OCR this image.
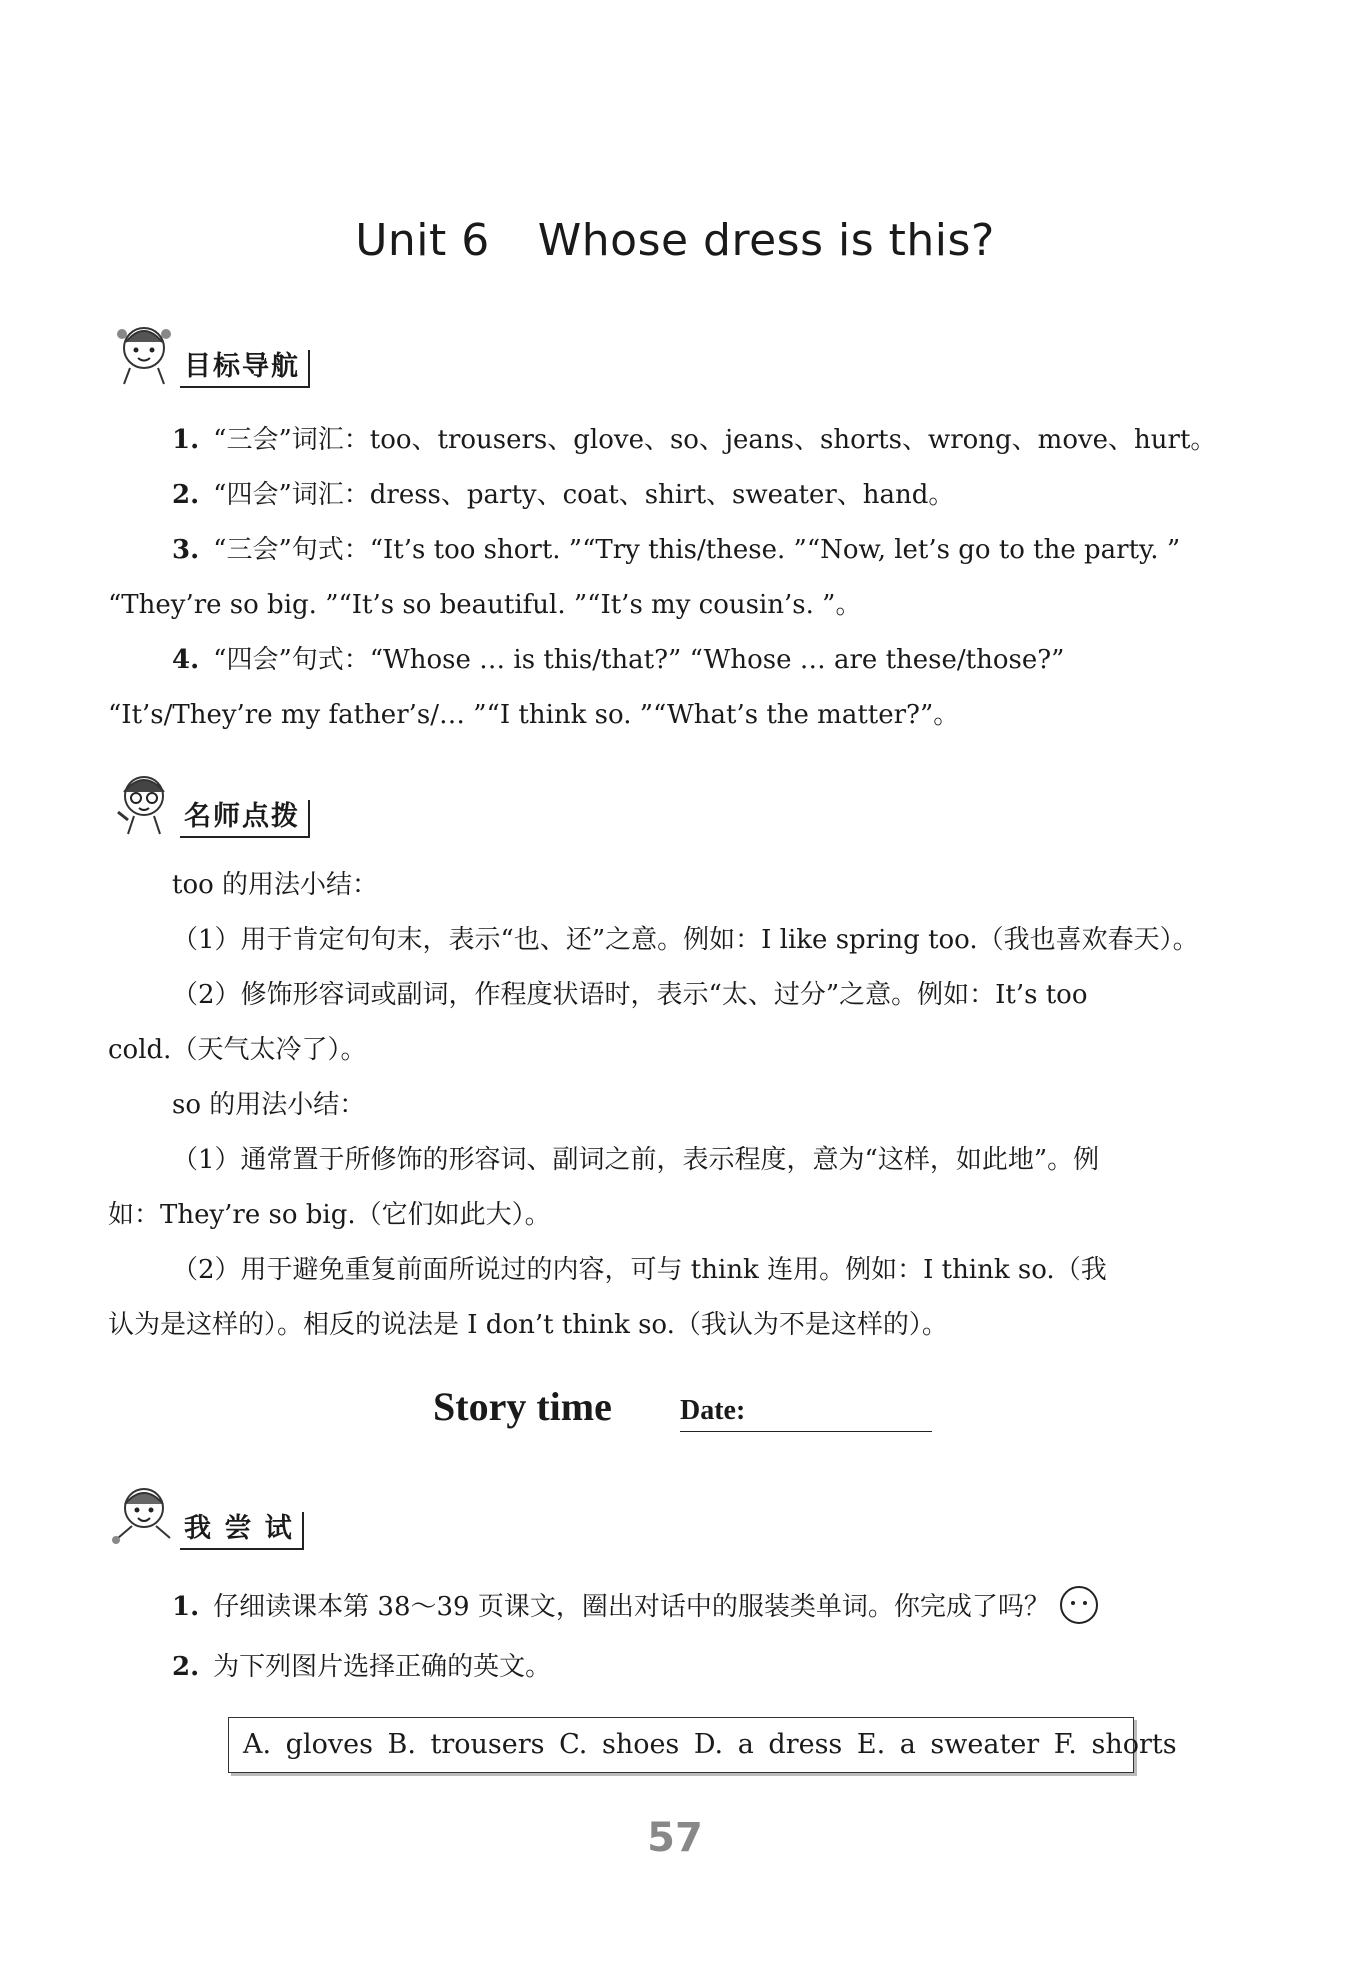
Unit 6 Whose dress is this?
目标导航
1. “三会”词汇：too、trousers、glove、so、jeans、shorts、wrong、move、hurt。
2. “四会”词汇：dress、party、coat、shirt、sweater、hand。
3. “三会”句式：“It’s too short. ”“Try this/these. ”“Now, let’s go to the party. ”
“They’re so big. ”“It’s so beautiful. ”“It’s my cousin’s. ”。
4. “四会”句式：“Whose … is this/that?” “Whose … are these/those?”
“It’s/They’re my father’s/… ”“I think so. ”“What’s the matter?”。
名师点拨
too 的用法小结：
（1）用于肯定句句末，表示“也、还”之意。例如：I like spring too.（我也喜欢春天）。
（2）修饰形容词或副词，作程度状语时，表示“太、过分”之意。例如：It’s too
cold.（天气太冷了）。
so 的用法小结：
（1）通常置于所修饰的形容词、副词之前，表示程度，意为“这样，如此地”。例
如：They’re so big.（它们如此大）。
（2）用于避免重复前面所说过的内容，可与 think 连用。例如：I think so.（我
认为是这样的）。相反的说法是 I don’t think so.（我认为不是这样的）。
Story time Date:
我 尝 试
1. 仔细读课本第 38～39 页课文，圈出对话中的服装类单词。你完成了吗？
2. 为下列图片选择正确的英文。
A. gloves B. trousers C. shoes D. a dress E. a sweater F. shorts
57
